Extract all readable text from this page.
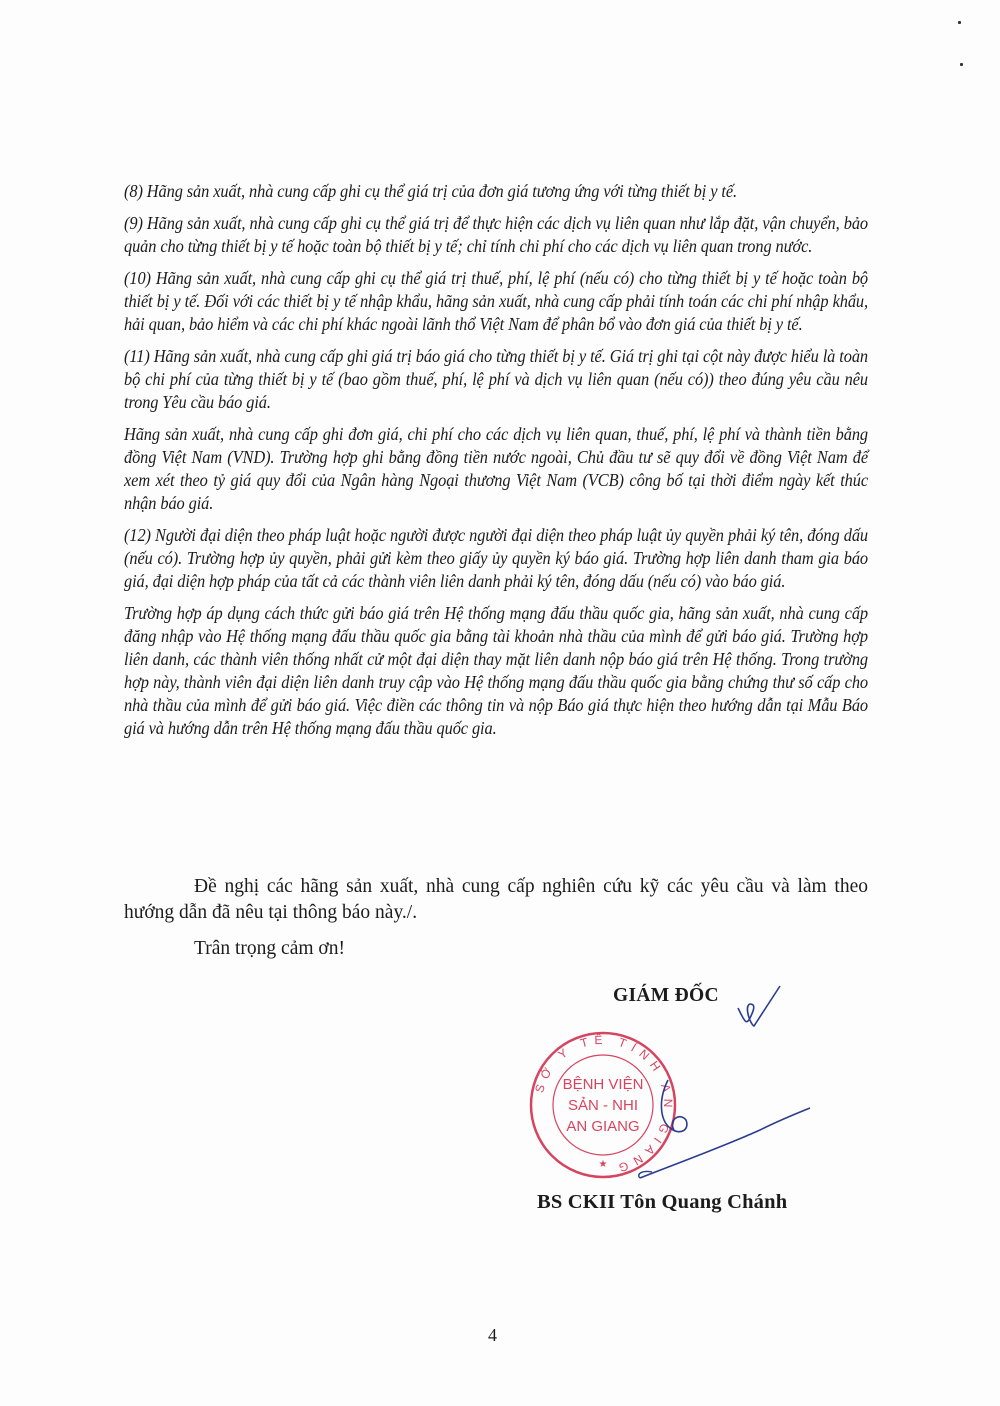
(8) Hãng sản xuất, nhà cung cấp ghi cụ thể giá trị của đơn giá tương ứng với từng thiết bị y tế.

(9) Hãng sản xuất, nhà cung cấp ghi cụ thể giá trị để thực hiện các dịch vụ liên quan như lắp đặt, vận chuyển, bảo quản cho từng thiết bị y tế hoặc toàn bộ thiết bị y tế; chỉ tính chi phí cho các dịch vụ liên quan trong nước.

(10) Hãng sản xuất, nhà cung cấp ghi cụ thể giá trị thuế, phí, lệ phí (nếu có) cho từng thiết bị y tế hoặc toàn bộ thiết bị y tế. Đối với các thiết bị y tế nhập khẩu, hãng sản xuất, nhà cung cấp phải tính toán các chi phí nhập khẩu, hải quan, bảo hiểm và các chi phí khác ngoài lãnh thổ Việt Nam để phân bổ vào đơn giá của thiết bị y tế.

(11) Hãng sản xuất, nhà cung cấp ghi giá trị báo giá cho từng thiết bị y tế. Giá trị ghi tại cột này được hiểu là toàn bộ chi phí của từng thiết bị y tế (bao gồm thuế, phí, lệ phí và dịch vụ liên quan (nếu có)) theo đúng yêu cầu nêu trong Yêu cầu báo giá.

Hãng sản xuất, nhà cung cấp ghi đơn giá, chi phí cho các dịch vụ liên quan, thuế, phí, lệ phí và thành tiền bằng đồng Việt Nam (VND). Trường hợp ghi bằng đồng tiền nước ngoài, Chủ đầu tư sẽ quy đổi về đồng Việt Nam để xem xét theo tỷ giá quy đổi của Ngân hàng Ngoại thương Việt Nam (VCB) công bố tại thời điểm ngày kết thúc nhận báo giá.

(12) Người đại diện theo pháp luật hoặc người được người đại diện theo pháp luật ủy quyền phải ký tên, đóng dấu (nếu có). Trường hợp ủy quyền, phải gửi kèm theo giấy ủy quyền ký báo giá. Trường hợp liên danh tham gia báo giá, đại diện hợp pháp của tất cả các thành viên liên danh phải ký tên, đóng dấu (nếu có) vào báo giá.

Trường hợp áp dụng cách thức gửi báo giá trên Hệ thống mạng đấu thầu quốc gia, hãng sản xuất, nhà cung cấp đăng nhập vào Hệ thống mạng đấu thầu quốc gia bằng tài khoản nhà thầu của mình để gửi báo giá. Trường hợp liên danh, các thành viên thống nhất cử một đại diện thay mặt liên danh nộp báo giá trên Hệ thống. Trong trường hợp này, thành viên đại diện liên danh truy cập vào Hệ thống mạng đấu thầu quốc gia bằng chứng thư số cấp cho nhà thầu của mình để gửi báo giá. Việc điền các thông tin và nộp Báo giá thực hiện theo hướng dẫn tại Mẫu Báo giá và hướng dẫn trên Hệ thống mạng đấu thầu quốc gia.

Đề nghị các hãng sản xuất, nhà cung cấp nghiên cứu kỹ các yêu cầu và làm theo hướng dẫn đã nêu tại thông báo này./.

Trân trọng cảm ơn!

GIÁM ĐỐC
SỞ Y TẾ TỈNH AN GIANG
★
BỆNH VIỆN
SẢN - NHI
AN GIANG
BS CKII Tôn Quang Chánh
4
